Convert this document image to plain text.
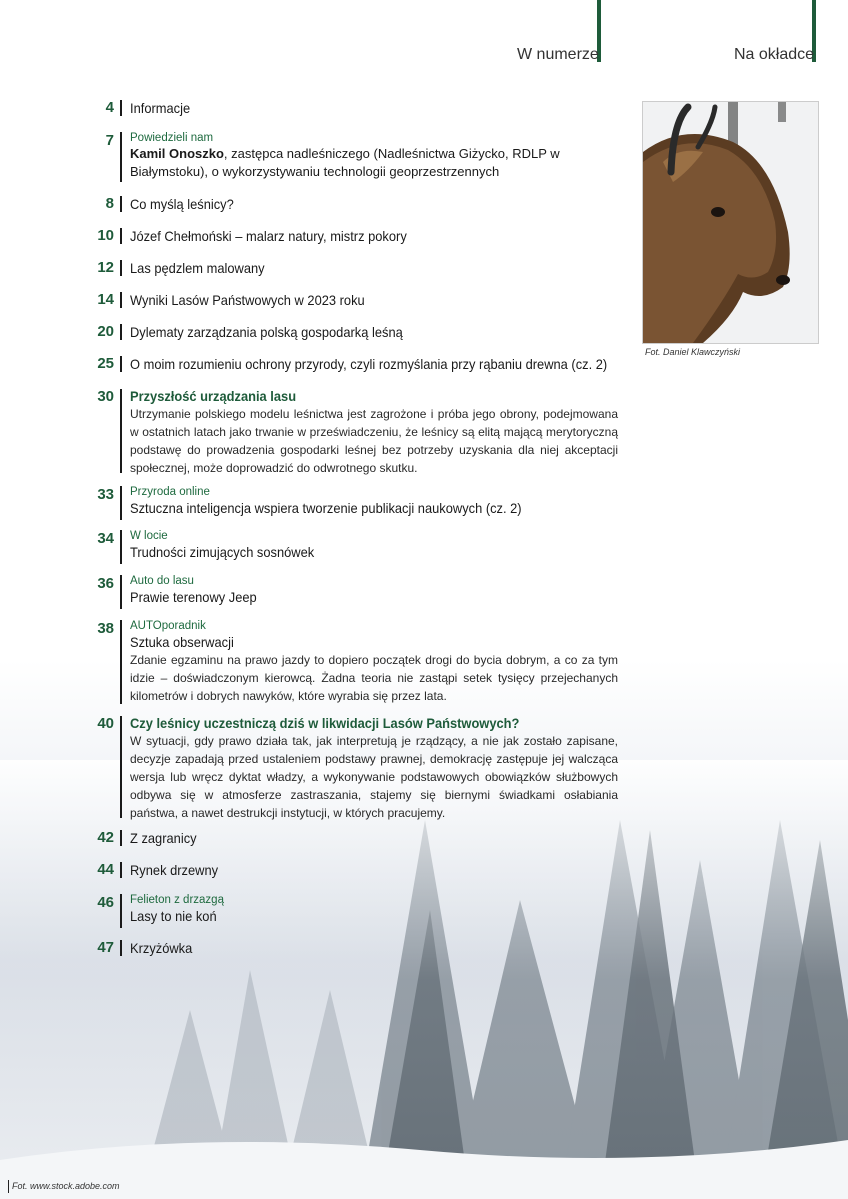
W numerze	Na okładce
Fot. Daniel Klawczyński
4 Informacje
7 Powiedzieli nam
Kamil Onoszko, zastępca nadleśniczego (Nadleśnictwa Giżycko, RDLP w Białymstoku), o wykorzystywaniu technologii geoprzestrzennych
8 Co myślą leśnicy?
10 Józef Chełmoński – malarz natury, mistrz pokory
12 Las pędzlem malowany
14 Wyniki Lasów Państwowych w 2023 roku
20 Dylematy zarządzania polską gospodarką leśną
25 O moim rozumieniu ochrony przyrody, czyli rozmyślania przy rąbaniu drewna (cz. 2)
30 Przyszłość urządzania lasu
Utrzymanie polskiego modelu leśnictwa jest zagrożone i próba jego obrony, podejmowana w ostatnich latach jako trwanie w przeświadczeniu, że leśnicy są elitą mającą merytoryczną podstawę do prowadzenia gospodarki leśnej bez potrzeby uzyskania dla niej akceptacji społecznej, może doprowadzić do odwrotnego skutku.
33 Przyroda online
Sztuczna inteligencja wspiera tworzenie publikacji naukowych (cz. 2)
34 W locie
Trudności zimujących sosnówek
36 Auto do lasu
Prawie terenowy Jeep
38 AUTOporadnik
Sztuka obserwacji
Zdanie egzaminu na prawo jazdy to dopiero początek drogi do bycia dobrym, a co za tym idzie – doświadczonym kierowcą. Żadna teoria nie zastąpi setek tysięcy przejechanych kilometrów i dobrych nawyków, które wyrabia się przez lata.
40 Czy leśnicy uczestniczą dziś w likwidacji Lasów Państwowych?
W sytuacji, gdy prawo działa tak, jak interpretują je rządzący, a nie jak zostało zapisane, decyzje zapadają przed ustaleniem podstawy prawnej, demokrację zastępuje jej walcząca wersja lub wręcz dyktat władzy, a wykonywanie podstawowych obowiązków służbowych odbywa się w atmosferze zastraszania, stajemy się biernymi świadkami osłabiania państwa, a nawet destrukcji instytucji, w których pracujemy.
42 Z zagranicy
44 Rynek drzewny
46 Felieton z drzazgą
Lasy to nie koń
47 Krzyżówka
Fot. www.stock.adobe.com
